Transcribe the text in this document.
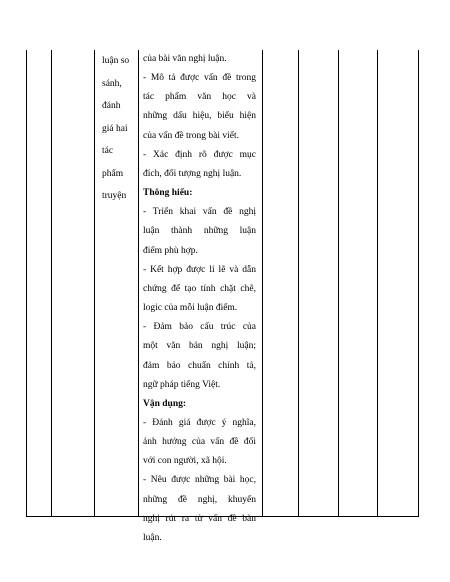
luận so
sánh,
đánh
giá hai
tác
phẩm
truyện
của bài văn nghị luận.
- Mô tả được vấn đề trong
tác phẩm văn học và
những dấu hiệu, biểu hiện
của vấn đề trong bài viết.
- Xác định rõ được mục
đích, đối tượng nghị luận.
Thông hiểu:
- Triển khai vấn đề nghị
luận thành những luận
điểm phù hợp.
- Kết hợp được lí lẽ và dẫn
chứng để tạo tính chặt chẽ,
logic của mỗi luận điểm.
- Đảm bảo cấu trúc của
một văn bản nghị luận;
đảm bảo chuẩn chính tả,
ngữ pháp tiếng Việt.
Vận dụng:
- Đánh giá được ý nghĩa,
ảnh hưởng của vấn đề đối
với con người, xã hội.
- Nêu được những bài học,
những đề nghị, khuyến
nghị rút ra từ vấn đề bàn
luận.
